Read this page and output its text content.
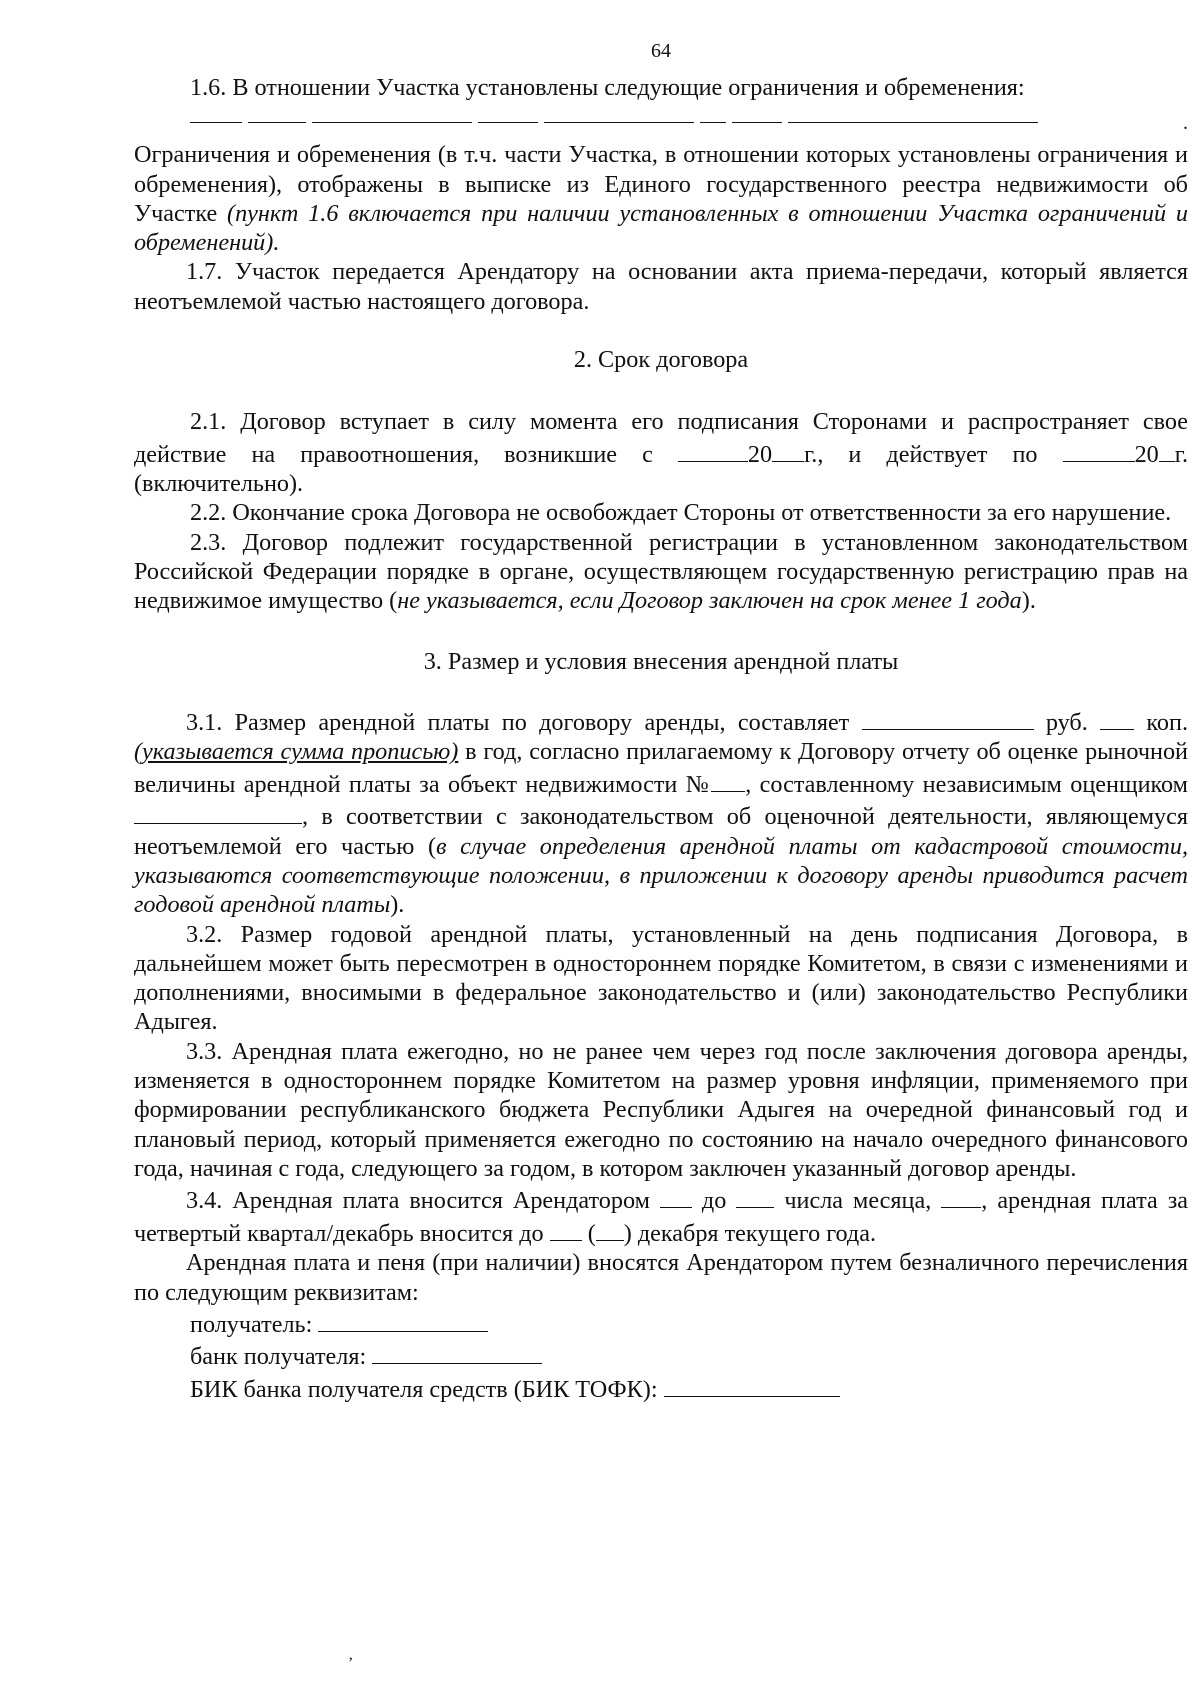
64

1.6. В отношении Участка установлены следующие ограничения и обременения:

.

Ограничения и обременения (в т.ч. части Участка, в отношении которых установлены ограничения и обременения), отображены в выписке из Единого государственного реестра недвижимости об Участке (пункт 1.6 включается при наличии установленных в отношении Участка ограничений и обременений).

1.7. Участок передается Арендатору на основании акта приема-передачи, который является неотъемлемой частью настоящего договора.

2. Срок договора

2.1. Договор вступает в силу момента его подписания Сторонами и распространяет свое действие на правоотношения, возникшие с	20 г., и действует по	20 г. (включительно).

2.2. Окончание срока Договора не освобождает Стороны от ответственности за его нарушение.

2.3. Договор подлежит государственной регистрации в установленном законодательством Российской Федерации порядке в органе, осуществляющем государственную регистрацию прав на недвижимое имущество (не указывается, если Договор заключен на срок менее 1 года).

3. Размер и условия внесения арендной платы

3.1. Размер арендной платы по договору аренды, составляет	руб.  коп. (указывается сумма прописью) в год, согласно прилагаемому к Договору отчету об оценке рыночной величины арендной платы за объект недвижимости № , составленному независимым оценщиком , в соответствии с законодательством об оценочной деятельности, являющемуся неотъемлемой его частью (в случае определения арендной платы от кадастровой стоимости, указываются соответствующие положении, в приложении к договору аренды приводится расчет годовой арендной платы).

3.2. Размер годовой арендной платы, установленный на день подписания Договора, в дальнейшем может быть пересмотрен в одностороннем порядке Комитетом, в связи с изменениями и дополнениями, вносимыми в федеральное законодательство и (или) законодательство Республики Адыгея.

3.3. Арендная плата ежегодно, но не ранее чем через год после заключения договора аренды, изменяется в одностороннем порядке Комитетом на размер уровня инфляции, применяемого при формировании республиканского бюджета Республики Адыгея на очередной финансовый год и плановый период, который применяется ежегодно по состоянию на начало очередного финансового года, начиная с года, следующего за годом, в котором заключен указанный договор аренды.

3.4. Арендная плата вносится Арендатором  до  числа месяца, , арендная плата за четвертый квартал/декабрь вносится до  ( ) декабря текущего года.

Арендная плата и пеня (при наличии) вносятся Арендатором путем безналичного перечисления по следующим реквизитам:

получатель:

банк получателя:

БИК банка получателя средств (БИК ТОФК):

ʼ
